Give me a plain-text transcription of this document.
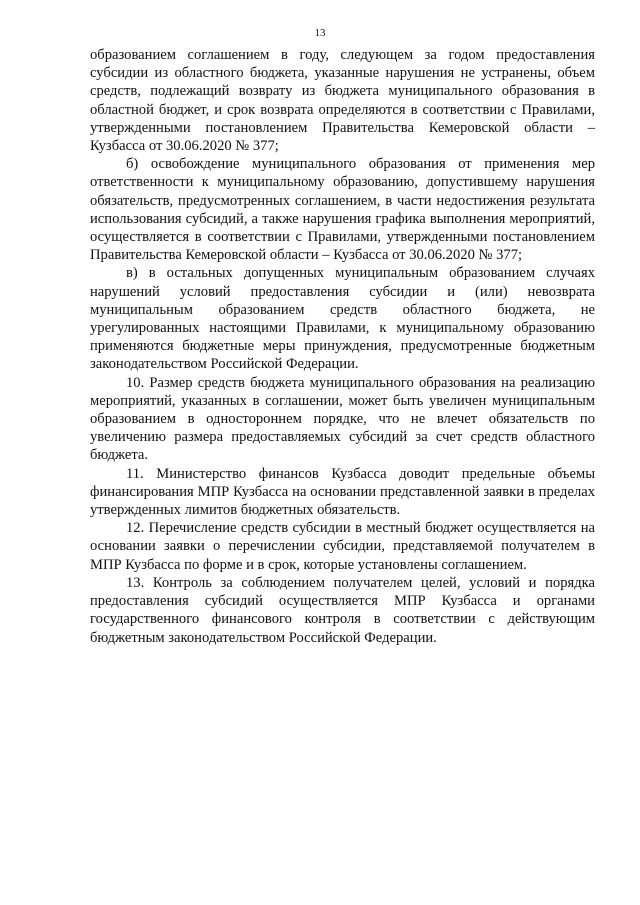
13

образованием соглашением в году, следующем за годом предоставления субсидии из областного бюджета, указанные нарушения не устранены, объем средств, подлежащий возврату из бюджета муниципального образования в областной бюджет, и срок возврата определяются в соответствии с Правилами, утвержденными постановлением Правительства Кемеровской области – Кузбасса от 30.06.2020 № 377;

б) освобождение муниципального образования от применения мер ответственности к муниципальному образованию, допустившему нарушения обязательств, предусмотренных соглашением, в части недостижения результата использования субсидий, а также нарушения графика выполнения мероприятий, осуществляется в соответствии с Правилами, утвержденными постановлением Правительства Кемеровской области – Кузбасса от 30.06.2020 № 377;

в) в остальных допущенных муниципальным образованием случаях нарушений условий предоставления субсидии и (или) невозврата муниципальным образованием средств областного бюджета, не урегулированных настоящими Правилами, к муниципальному образованию применяются бюджетные меры принуждения, предусмотренные бюджетным законодательством Российской Федерации.

10. Размер средств бюджета муниципального образования на реализацию мероприятий, указанных в соглашении, может быть увеличен муниципальным образованием в одностороннем порядке, что не влечет обязательств по увеличению размера предоставляемых субсидий за счет средств областного бюджета.

11. Министерство финансов Кузбасса доводит предельные объемы финансирования МПР Кузбасса на основании представленной заявки в пределах утвержденных лимитов бюджетных обязательств.

12. Перечисление средств субсидии в местный бюджет осуществляется на основании заявки о перечислении субсидии, представляемой получателем в МПР Кузбасса по форме и в срок, которые установлены соглашением.

13. Контроль за соблюдением получателем целей, условий и порядка предоставления субсидий осуществляется МПР Кузбасса и органами государственного финансового контроля в соответствии с действующим бюджетным законодательством Российской Федерации.
